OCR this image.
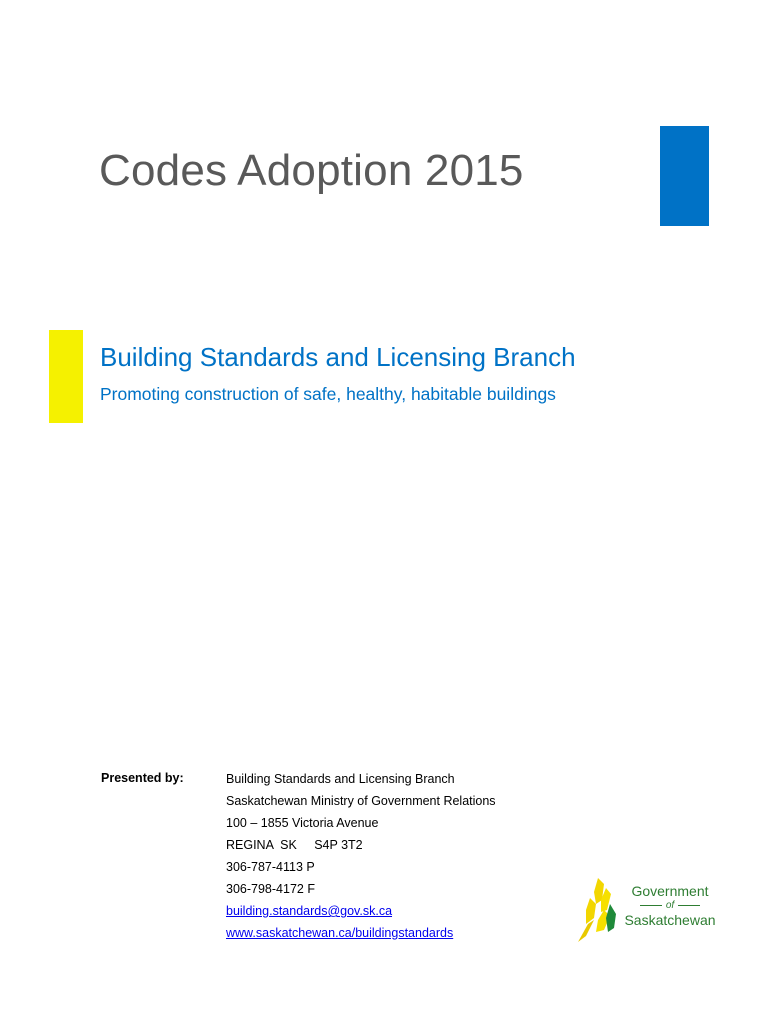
Codes Adoption 2015
Building Standards and Licensing Branch

Promoting construction of safe, healthy, habitable buildings

Presented by:	Building Standards and Licensing Branch
Saskatchewan Ministry of Government Relations
100 – 1855 Victoria Avenue
REGINA  SK     S4P 3T2
306-787-4113 P
306-798-4172 F
building.standards@gov.sk.ca
www.saskatchewan.ca/buildingstandards
Government
of
Saskatchewan
